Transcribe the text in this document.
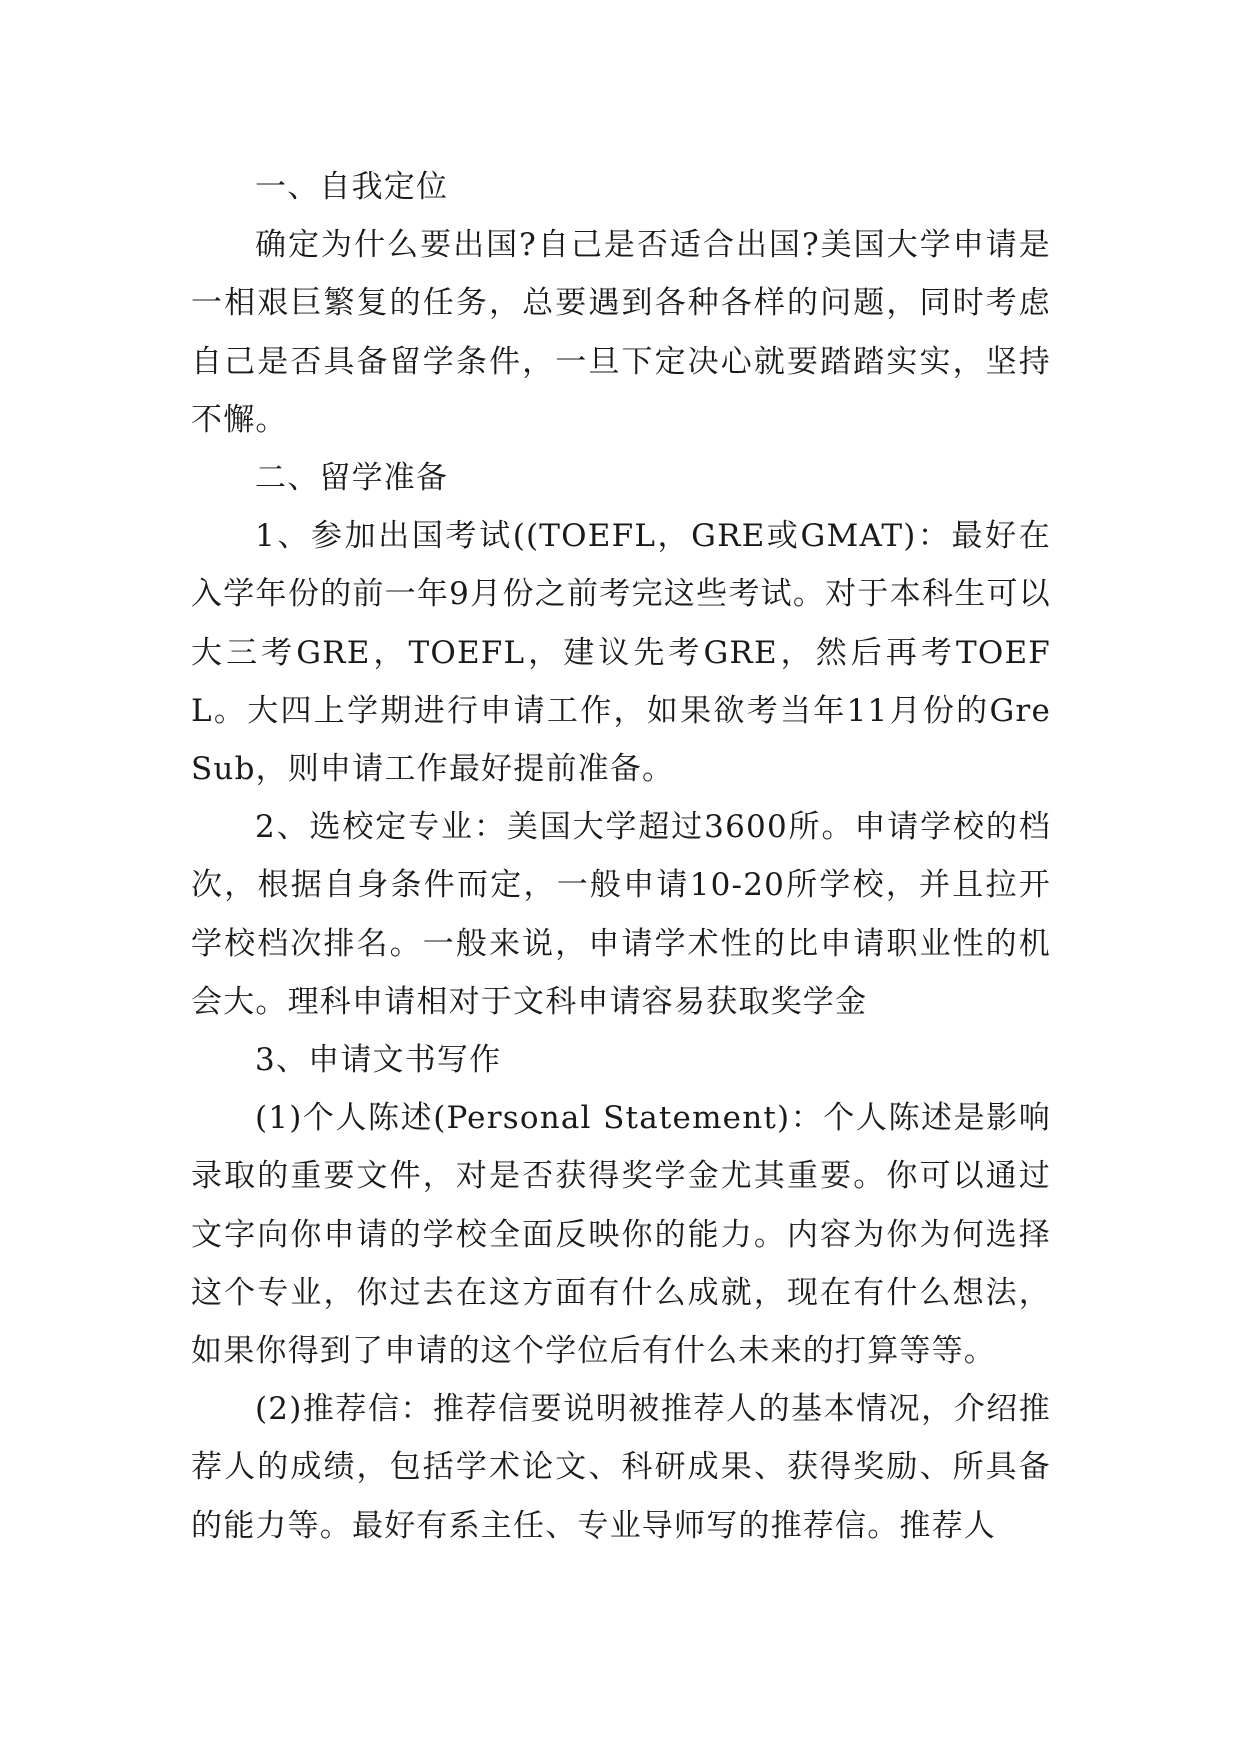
一、自我定位

确定为什么要出国?自己是否适合出国?美国大学申请是一相艰巨繁复的任务，总要遇到各种各样的问题，同时考虑自己是否具备留学条件，一旦下定决心就要踏踏实实，坚持不懈。

二、留学准备

1、参加出国考试((TOEFL，GRE或GMAT)：最好在入学年份的前一年9月份之前考完这些考试。对于本科生可以大三考GRE，TOEFL，建议先考GRE，然后再考TOEFL。大四上学期进行申请工作，如果欲考当年11月份的Gre Sub，则申请工作最好提前准备。

2、选校定专业：美国大学超过3600所。申请学校的档次，根据自身条件而定，一般申请10-20所学校，并且拉开学校档次排名。一般来说，申请学术性的比申请职业性的机会大。理科申请相对于文科申请容易获取奖学金

3、申请文书写作

(1)个人陈述(Personal Statement)：个人陈述是影响录取的重要文件，对是否获得奖学金尤其重要。你可以通过文字向你申请的学校全面反映你的能力。内容为你为何选择这个专业，你过去在这方面有什么成就，现在有什么想法，如果你得到了申请的这个学位后有什么未来的打算等等。

(2)推荐信：推荐信要说明被推荐人的基本情况，介绍推荐人的成绩，包括学术论文、科研成果、获得奖励、所具备的能力等。最好有系主任、专业导师写的推荐信。推荐人
